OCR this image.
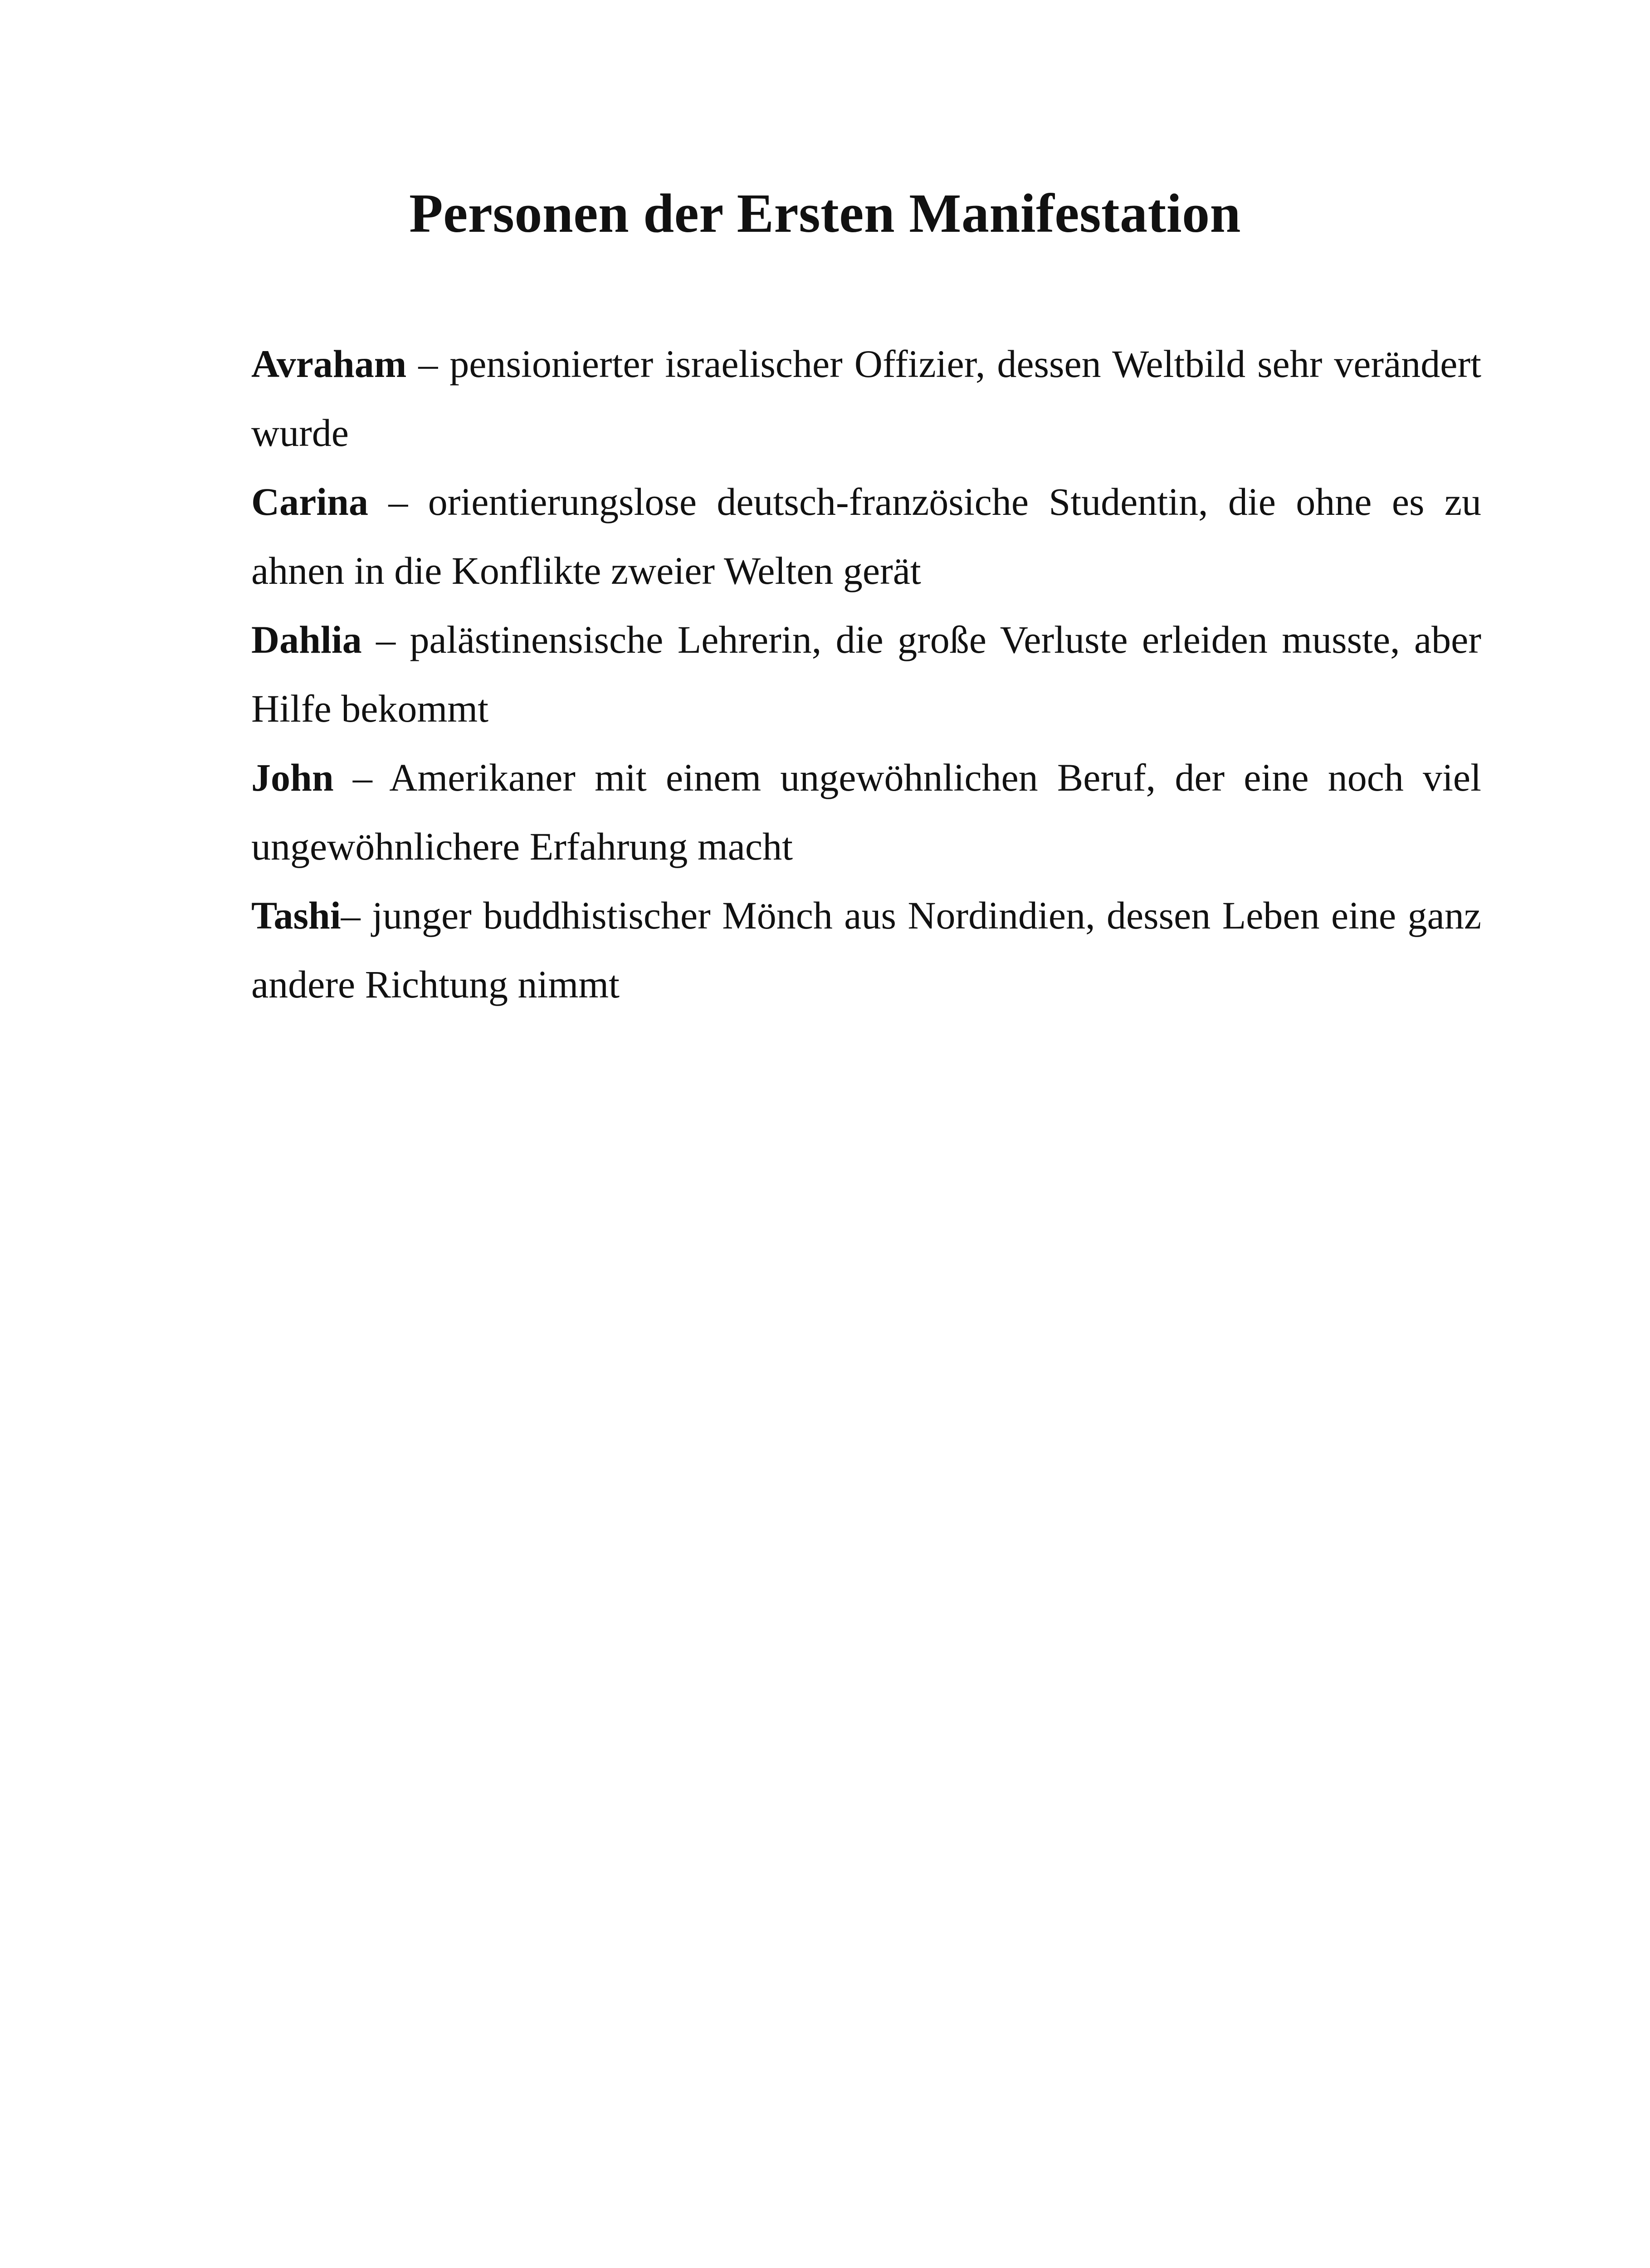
Personen der Ersten Manifestation

Avraham – pensionierter israelischer Offizier, dessen Weltbild sehr verändert wurde

Carina – orientierungslose deutsch-französiche Studentin, die ohne es zu ahnen in die Konflikte zweier Welten gerät

Dahlia – palästinensische Lehrerin, die große Verluste erleiden musste, aber Hilfe bekommt

John – Amerikaner mit einem ungewöhnlichen Beruf, der eine noch viel ungewöhnlichere Erfahrung macht

Tashi– junger buddhistischer Mönch aus Nordindien, dessen Leben eine ganz andere Richtung nimmt
